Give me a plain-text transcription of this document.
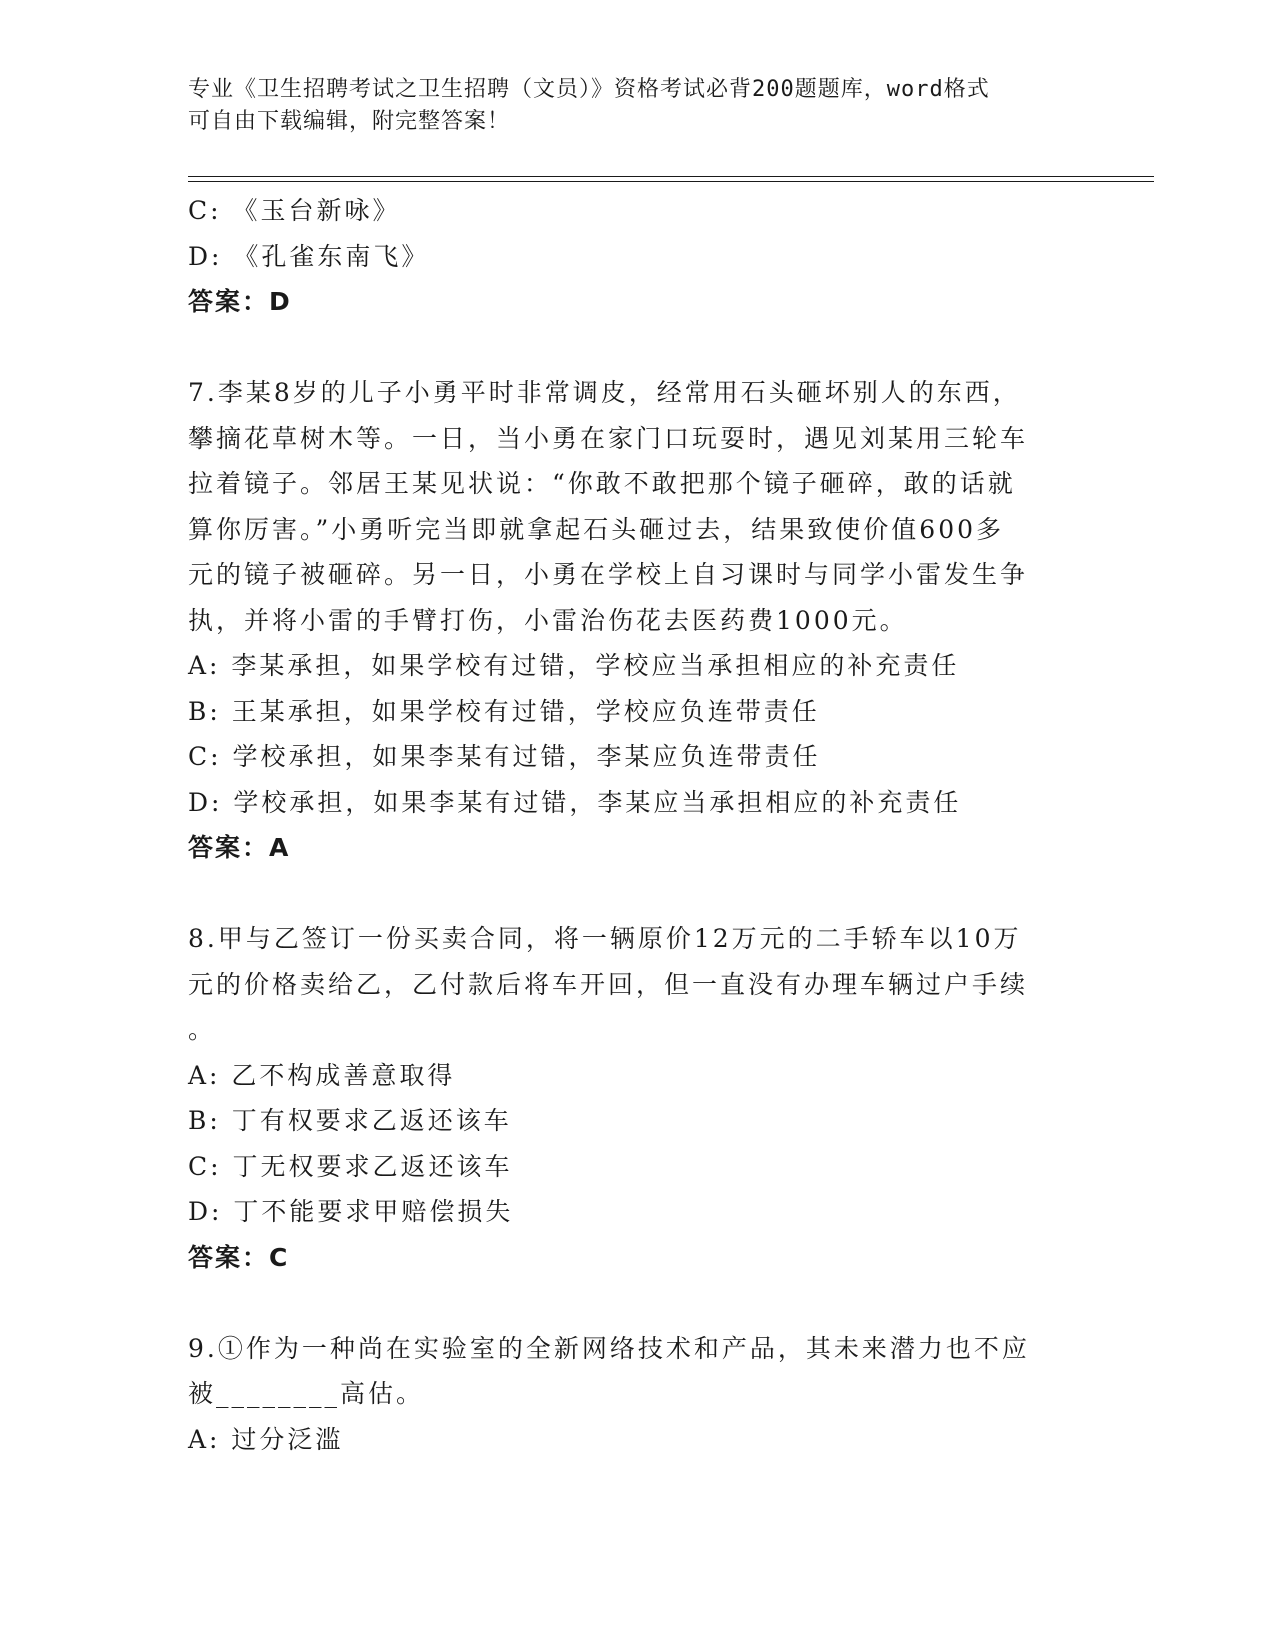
专业《卫生招聘考试之卫生招聘（文员）》资格考试必背200题题库，word格式
可自由下载编辑，附完整答案！
C: 《玉台新咏》
D: 《孔雀东南飞》
答案：D
7.李某8岁的儿子小勇平时非常调皮，经常用石头砸坏别人的东西，
攀摘花草树木等。一日，当小勇在家门口玩耍时，遇见刘某用三轮车
拉着镜子。邻居王某见状说：“你敢不敢把那个镜子砸碎，敢的话就
算你厉害。”小勇听完当即就拿起石头砸过去，结果致使价值600多
元的镜子被砸碎。另一日，小勇在学校上自习课时与同学小雷发生争
执，并将小雷的手臂打伤，小雷治伤花去医药费1000元。
A: 李某承担，如果学校有过错，学校应当承担相应的补充责任
B: 王某承担，如果学校有过错，学校应负连带责任
C: 学校承担，如果李某有过错，李某应负连带责任
D: 学校承担，如果李某有过错，李某应当承担相应的补充责任
答案：A
8.甲与乙签订一份买卖合同，将一辆原价12万元的二手轿车以10万
元的价格卖给乙，乙付款后将车开回，但一直没有办理车辆过户手续
。
A: 乙不构成善意取得
B: 丁有权要求乙返还该车
C: 丁无权要求乙返还该车
D: 丁不能要求甲赔偿损失
答案：C
9.①作为一种尚在实验室的全新网络技术和产品，其未来潜力也不应
被________高估。
A: 过分泛滥
